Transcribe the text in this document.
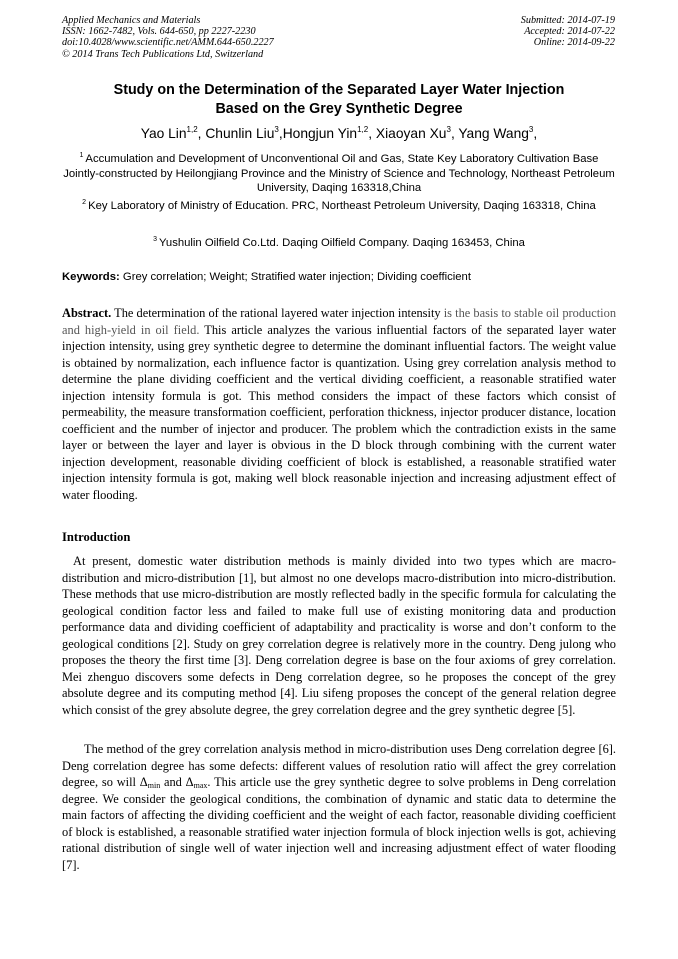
Applied Mechanics and Materials
ISSN: 1662-7482, Vols. 644-650, pp 2227-2230
doi:10.4028/www.scientific.net/AMM.644-650.2227
© 2014 Trans Tech Publications Ltd, Switzerland
Submitted: 2014-07-19
Accepted: 2014-07-22
Online: 2014-09-22
Study on the Determination of the Separated Layer Water Injection
Based on the Grey Synthetic Degree
Yao Lin$^{1,2}$, Chunlin Liu$^3$,Hongjun Yin$^{1,2}$, Xiaoyan Xu$^3$, Yang Wang$^3$,
$^1$ Accumulation and Development of Unconventional Oil and Gas, State Key Laboratory Cultivation Base Jointly-constructed by Heilongjiang Province and the Ministry of Science and Technology, Northeast Petroleum University, Daqing 163318,China
$^2$ Key Laboratory of Ministry of Education. PRC, Northeast Petroleum University, Daqing 163318, China
$^3$ Yushulin Oilfield Co.Ltd. Daqing Oilfield Company. Daqing 163453, China
Keywords: Grey correlation; Weight; Stratified water injection; Dividing coefficient
Abstract. The determination of the rational layered water injection intensity is the basis to stable oil production and high-yield in oil field. This article analyzes the various influential factors of the separated layer water injection intensity, using grey synthetic degree to determine the dominant influential factors. The weight value is obtained by normalization, each influence factor is quantization. Using grey correlation analysis method to determine the plane dividing coefficient and the vertical dividing coefficient, a reasonable stratified water injection intensity formula is got. This method considers the impact of these factors which consist of permeability, the measure transformation coefficient, perforation thickness, injector producer distance, location coefficient and the number of injector and producer. The problem which the contradiction exists in the same layer or between the layer and layer is obvious in the D block through combining with the current water injection development, reasonable dividing coefficient of block is established, a reasonable stratified water injection intensity formula is got, making well block reasonable injection and increasing adjustment effect of water flooding.
Introduction
At present, domestic water distribution methods is mainly divided into two types which are macro-distribution and micro-distribution [1], but almost no one develops macro-distribution into micro-distribution. These methods that use micro-distribution are mostly reflected badly in the specific formula for calculating the geological condition factor less and failed to make full use of existing monitoring data and production performance data and dividing coefficient of adaptability and practicality is worse and don’t conform to the geological conditions [2]. Study on grey correlation degree is relatively more in the country. Deng julong who proposes the theory the first time [3]. Deng correlation degree is base on the four axioms of grey correlation. Mei zhenguo discovers some defects in Deng correlation degree, so he proposes the concept of the grey absolute degree and its computing method [4]. Liu sifeng proposes the concept of the general relation degree which consist of the grey absolute degree, the grey correlation degree and the grey synthetic degree [5].
The method of the grey correlation analysis method in micro-distribution uses Deng correlation degree [6]. Deng correlation degree has some defects: different values of resolution ratio will affect the grey correlation degree, so will $\Delta_{min}$ and $\Delta_{max}$. This article use the grey synthetic degree to solve problems in Deng correlation degree. We consider the geological conditions, the combination of dynamic and static data to determine the main factors of affecting the dividing coefficient and the weight of each factor, reasonable dividing coefficient of block is established, a reasonable stratified water injection formula of block injection wells is got, achieving rational distribution of single well of water injection well and increasing adjustment effect of water flooding [7].
